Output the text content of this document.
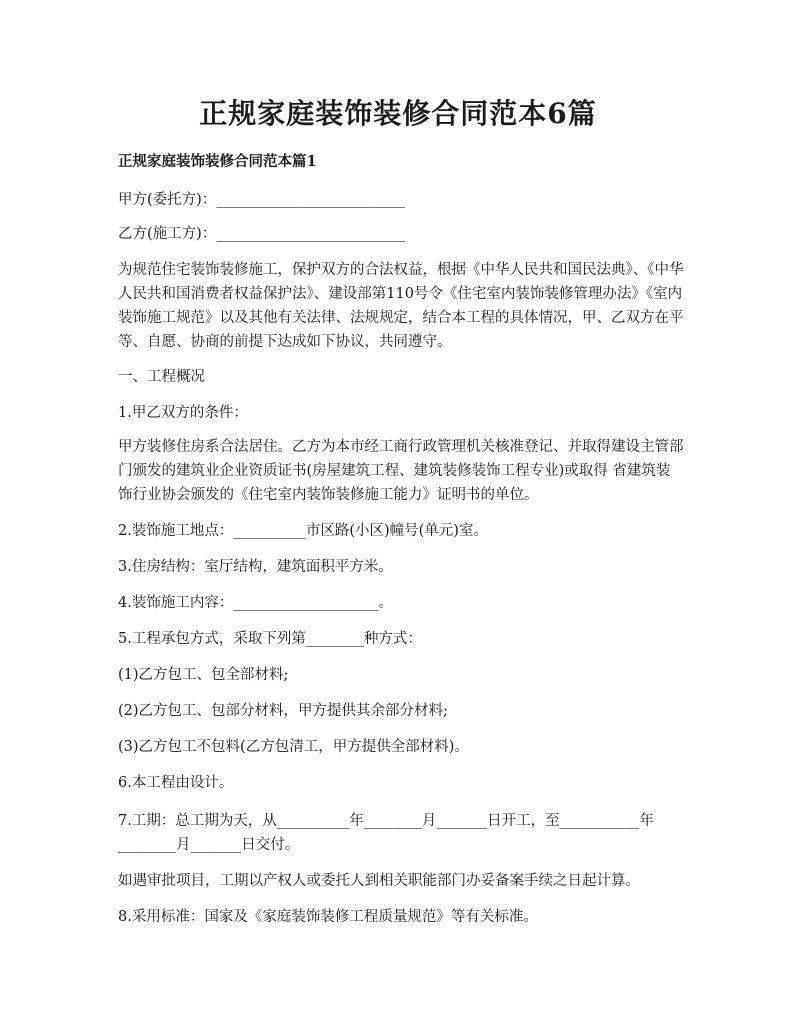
正规家庭装饰装修合同范本6篇
正规家庭装饰装修合同范本篇1
甲方(委托方)：__________________________
乙方(施工方)：__________________________
为规范住宅装饰装修施工，保护双方的合法权益，根据《中华人民共和国民法典》、《中华人民共和国消费者权益保护法》、建设部第110号令《住宅室内装饰装修管理办法》《室内装饰施工规范》以及其他有关法律、法规规定，结合本工程的具体情况，甲、乙双方在平等、自愿、协商的前提下达成如下协议，共同遵守。
一、工程概况
1.甲乙双方的条件：
甲方装修住房系合法居住。乙方为本市经工商行政管理机关核准登记、并取得建设主管部门颁发的建筑业企业资质证书(房屋建筑工程、建筑装修装饰工程专业)或取得 省建筑装饰行业协会颁发的《住宅室内装饰装修施工能力》证明书的单位。
2.装饰施工地点：__________市区路(小区)幢号(单元)室。
3.住房结构：室厅结构，建筑面积平方米。
4.装饰施工内容：____________________。
5.工程承包方式，采取下列第________种方式：
(1)乙方包工、包全部材料;
(2)乙方包工、包部分材料，甲方提供其余部分材料;
(3)乙方包工不包料(乙方包清工，甲方提供全部材料)。
6.本工程由设计。
7.工期：总工期为天，从__________年________月_______日开工，至___________年________月_______日交付。
如遇审批项目，工期以产权人或委托人到相关职能部门办妥备案手续之日起计算。
8.采用标准：国家及《家庭装饰装修工程质量规范》等有关标准。
